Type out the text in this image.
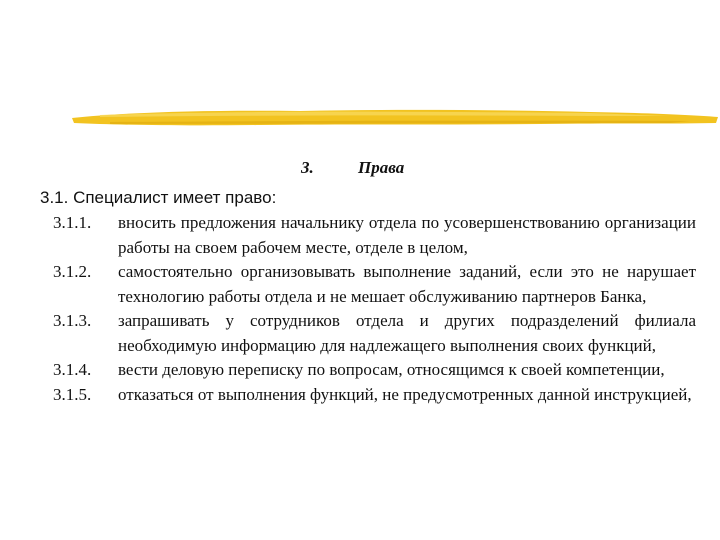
3.	Права
3.1. Специалист имеет право:
3.1.1. вносить предложения начальнику отдела по усовершенствованию организации работы на своем рабочем месте, отделе в целом,
3.1.2. самостоятельно организовывать выполнение заданий, если это не нарушает технологию работы отдела и не мешает обслуживанию партнеров Банка,
3.1.3. запрашивать у сотрудников отдела и других подразделений филиала необходимую информацию для надлежащего выполнения своих функций,
3.1.4. вести деловую переписку по вопросам, относящимся к своей компетенции,
3.1.5. отказаться от выполнения функций, не предусмотренных данной инструкцией,
